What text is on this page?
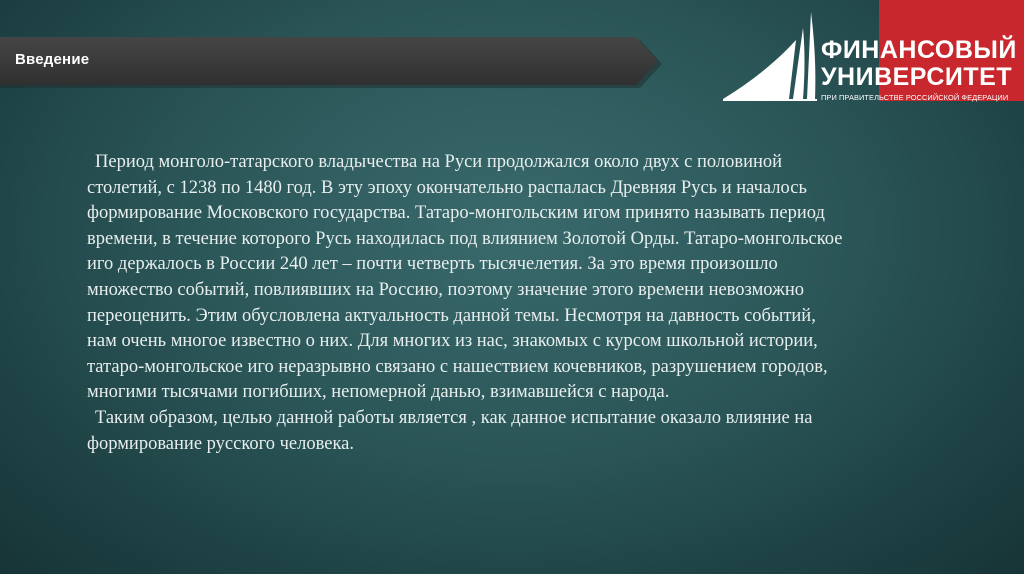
Введение
1919
ФИНАНСОВЫЙ
УНИВЕРСИТЕТ
ПРИ ПРАВИТЕЛЬСТВЕ РОССИЙСКОЙ ФЕДЕРАЦИИ

Период монголо-татарского владычества на Руси продолжался около двух с половиной столетий, с 1238 по 1480 год. В эту эпоху окончательно распалась Древняя Русь и началось формирование Московского государства. Татаро-монгольским игом принято называть период времени, в течение которого Русь находилась под влиянием Золотой Орды. Татаро-монгольское иго держалось в России 240 лет – почти четверть тысячелетия. За это время произошло множество событий, повлиявших на Россию, поэтому значение этого времени невозможно переоценить. Этим обусловлена актуальность данной темы. Несмотря на давность событий, нам очень многое известно о них. Для многих из нас, знакомых с курсом школьной истории, татаро-монгольское иго неразрывно связано с нашествием кочевников, разрушением городов, многими тысячами погибших, непомерной данью, взимавшейся с народа.

Таким образом, целью данной работы является , как данное испытание оказало влияние на формирование русского человека.
